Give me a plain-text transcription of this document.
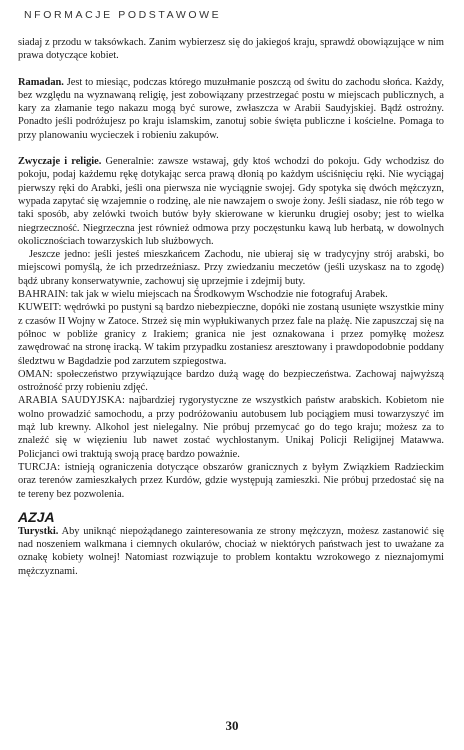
NFORMACJE PODSTAWOWE

siadaj z przodu w taksówkach. Zanim wybierzesz się do jakiegoś kraju, sprawdź obowiązujące w nim prawa dotyczące kobiet.

Ramadan. Jest to miesiąc, podczas którego muzułmanie poszczą od świtu do zachodu słońca. Każdy, bez względu na wyznawaną religię, jest zobowiązany przestrzegać postu w miejscach publicznych, a kary za złamanie tego nakazu mogą być surowe, zwłaszcza w Arabii Saudyjskiej. Bądź ostrożny. Ponadto jeśli podróżujesz po kraju islamskim, zanotuj sobie święta publiczne i kościelne. Pomaga to przy planowaniu wycieczek i robieniu zakupów.

Zwyczaje i religie. Generalnie: zawsze wstawaj, gdy ktoś wchodzi do pokoju. Gdy wchodzisz do pokoju, podaj każdemu rękę dotykając serca prawą dłonią po każdym uściśnięciu ręki. Nie wyciągaj pierwszy ręki do Arabki, jeśli ona pierwsza nie wyciągnie swojej. Gdy spotyka się dwóch mężczyzn, wypada zapytać się wzajemnie o rodzinę, ale nie nawzajem o swoje żony. Jeśli siadasz, nie rób tego w taki sposób, aby zelówki twoich butów były skierowane w kierunku drugiej osoby; jest to wielka niegrzeczność. Niegrzeczna jest również odmowa przy poczęstunku kawą lub herbatą, w dowolnych okolicznościach towarzyskich lub służbowych.

Jeszcze jedno: jeśli jesteś mieszkańcem Zachodu, nie ubieraj się w tradycyjny strój arabski, bo miejscowi pomyślą, że ich przedrzeźniasz. Przy zwiedzaniu meczetów (jeśli uzyskasz na to zgodę) bądź ubrany konserwatywnie, zachowuj się uprzejmie i zdejmij buty.

BAHRAIN: tak jak w wielu miejscach na Środkowym Wschodzie nie fotografuj Arabek.

KUWEIT: wędrówki po pustyni są bardzo niebezpieczne, dopóki nie zostaną usunięte wszystkie miny z czasów II Wojny w Zatoce. Strzeż się min wypłukiwanych przez fale na plażę. Nie zapuszczaj się na północ w pobliże granicy z Irakiem; granica nie jest oznakowana i przez pomyłkę możesz zawędrować na stronę iracką. W takim przypadku zostaniesz aresztowany i prawdopodobnie poddany śledztwu w Bagdadzie pod zarzutem szpiegostwa.

OMAN: społeczeństwo przywiązujące bardzo dużą wagę do bezpieczeństwa. Zachowaj najwyższą ostrożność przy robieniu zdjęć.

ARABIA SAUDYJSKA: najbardziej rygorystyczne ze wszystkich państw arabskich. Kobietom nie wolno prowadzić samochodu, a przy podróżowaniu autobusem lub pociągiem musi towarzyszyć im mąż lub krewny. Alkohol jest nielegalny. Nie próbuj przemycać go do tego kraju; możesz za to znaleźć się w więzieniu lub nawet zostać wychłostanym. Unikaj Policji Religijnej Matawwa. Policjanci owi traktują swoją pracę bardzo poważnie.

TURCJA: istnieją ograniczenia dotyczące obszarów granicznych z byłym Związkiem Radzieckim oraz terenów zamieszkałych przez Kurdów, gdzie występują zamieszki. Nie próbuj przedostać się na te tereny bez pozwolenia.

AZJA

Turystki. Aby uniknąć niepożądanego zainteresowania ze strony mężczyzn, możesz zastanowić się nad noszeniem walkmana i ciemnych okularów, chociaż w niektórych państwach jest to uważane za oznakę kobiety wolnej! Natomiast rozwiązuje to problem kontaktu wzrokowego z nieznajomymi mężczyznami.

30
